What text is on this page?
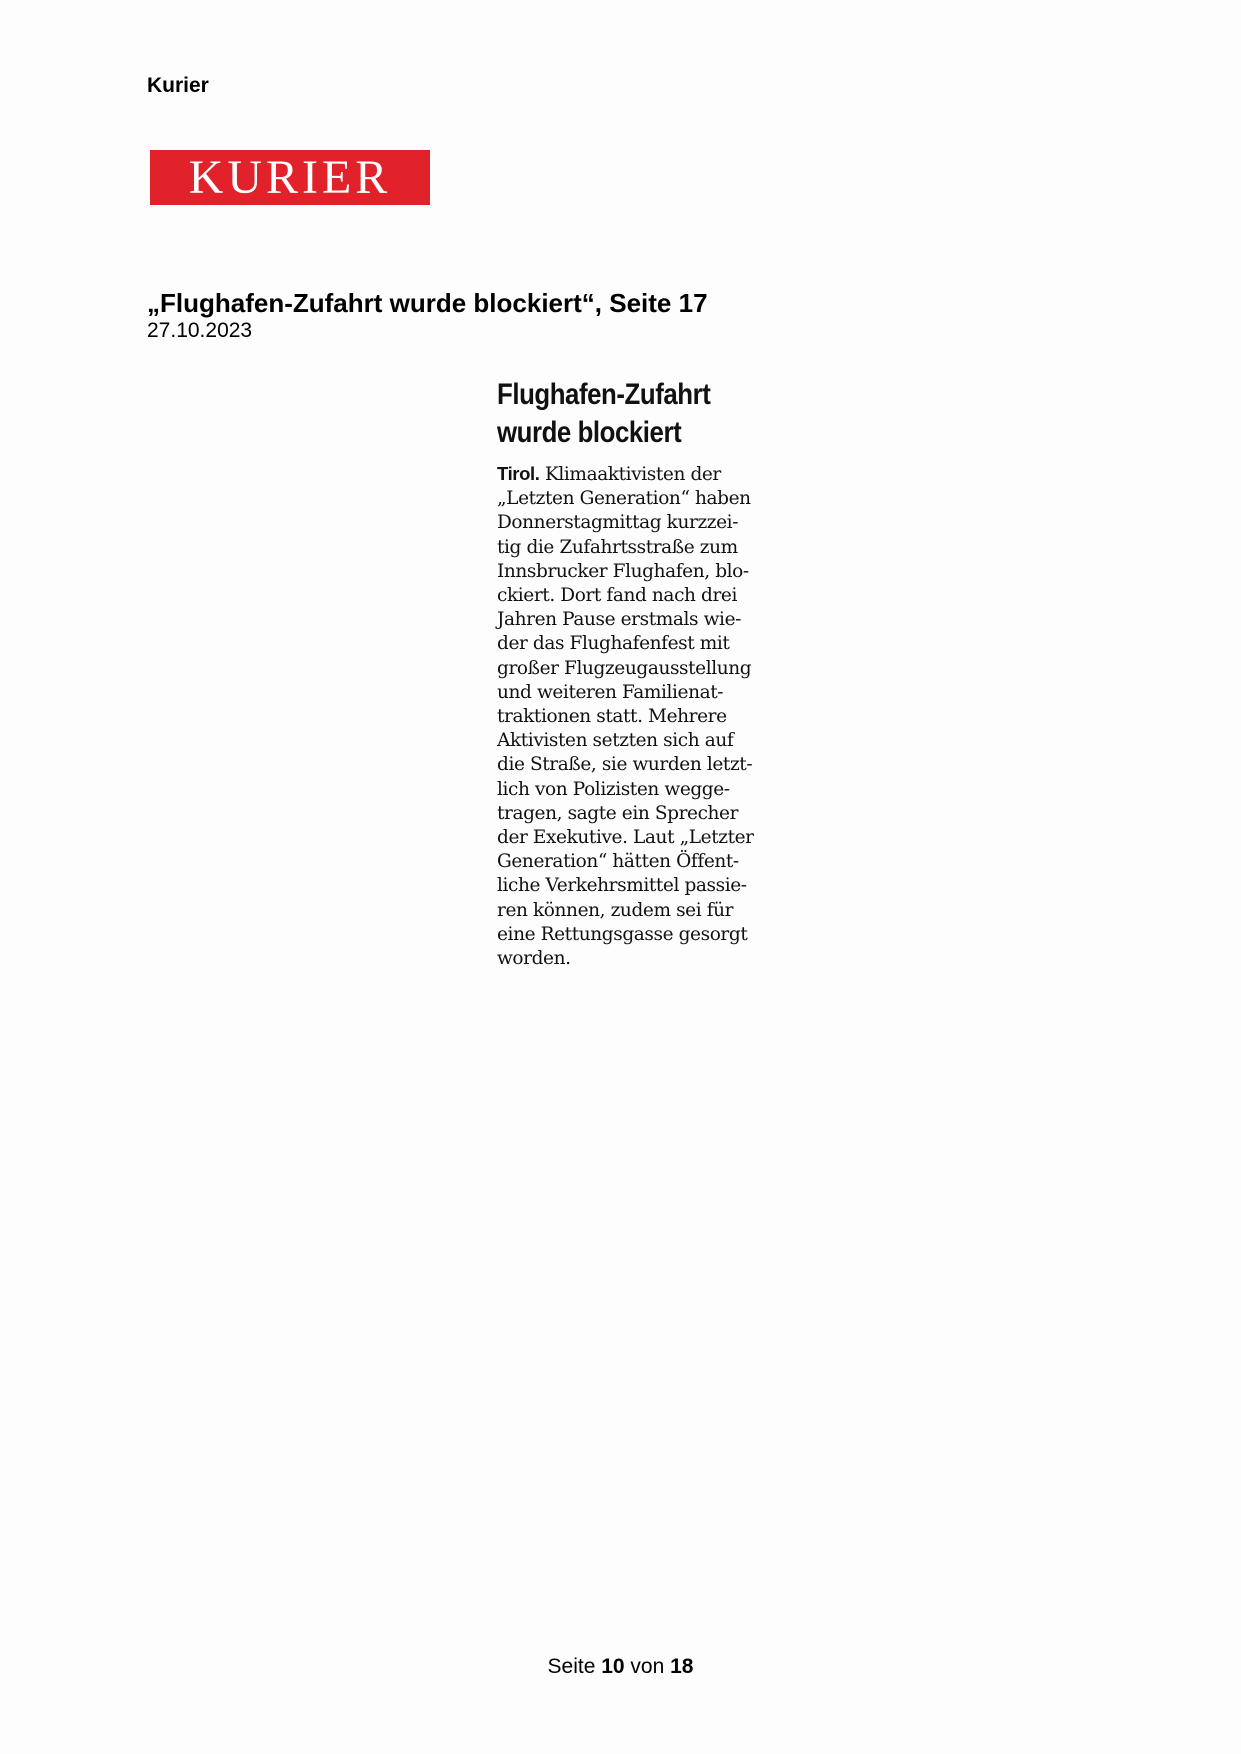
Kurier
KURIER
„Flughafen-Zufahrt wurde blockiert“, Seite 17
27.10.2023
Flughafen-Zufahrt
wurde blockiert
Tirol. Klimaaktivisten der
„Letzten Generation“ haben
Donnerstagmittag kurzzei-
tig die Zufahrtsstraße zum
Innsbrucker Flughafen, blo-
ckiert. Dort fand nach drei
Jahren Pause erstmals wie-
der das Flughafenfest mit
großer Flugzeugausstellung
und weiteren Familienat-
traktionen statt. Mehrere
Aktivisten setzten sich auf
die Straße, sie wurden letzt-
lich von Polizisten wegge-
tragen, sagte ein Sprecher
der Exekutive. Laut „Letzter
Generation“ hätten Öffent-
liche Verkehrsmittel passie-
ren können, zudem sei für
eine Rettungsgasse gesorgt
worden.
Seite 10 von 18
